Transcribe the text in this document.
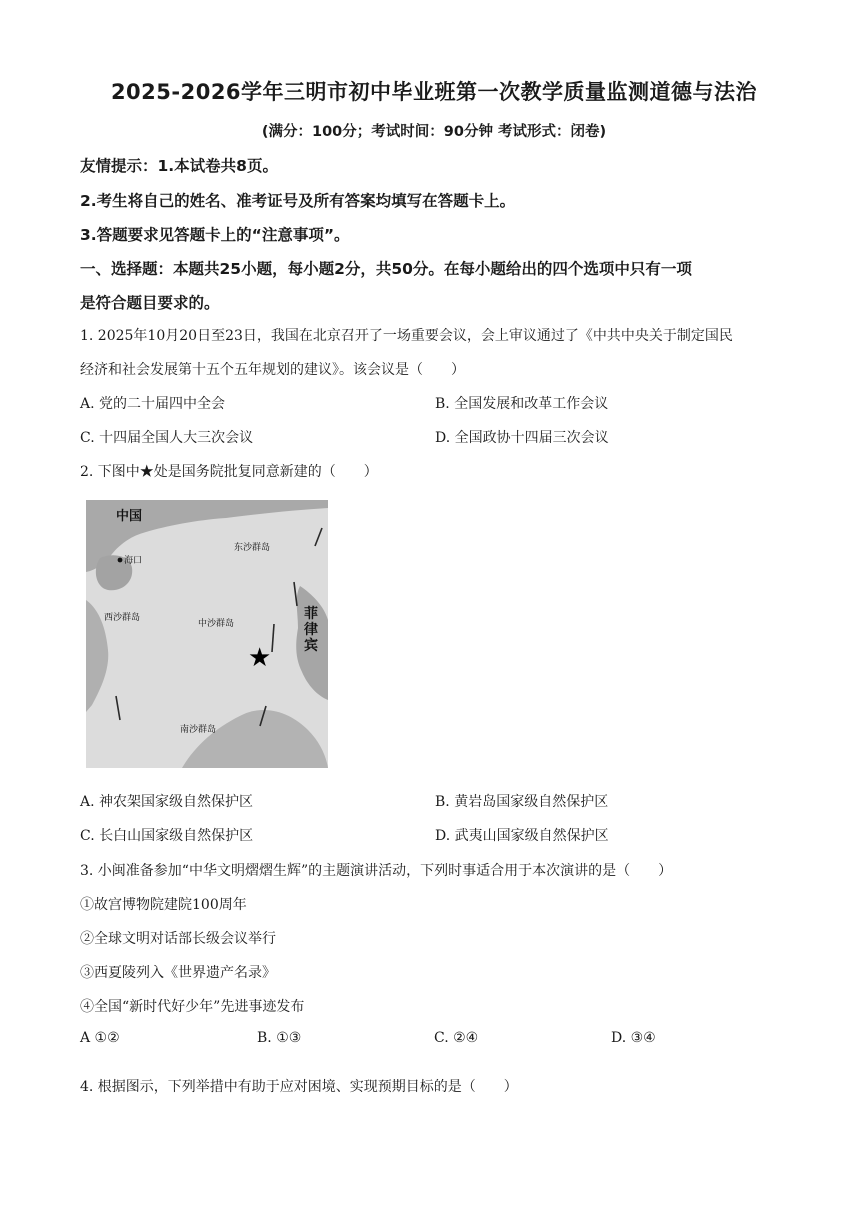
2025-2026学年三明市初中毕业班第一次教学质量监测道德与法治
(满分：100分；考试时间：90分钟 考试形式：闭卷)
友情提示：1.本试卷共8页。
2.考生将自己的姓名、准考证号及所有答案均填写在答题卡上。
3.答题要求见答题卡上的“注意事项”。
一、选择题：本题共25小题，每小题2分，共50分。在每小题给出的四个选项中只有一项
是符合题目要求的。
1. 2025年10月20日至23日，我国在北京召开了一场重要会议，会上审议通过了《中共中央关于制定国民
经济和社会发展第十五个五年规划的建议》。该会议是（　　）
A. 党的二十届四中全会	B. 全国发展和改革工作会议
C. 十四届全国人大三次会议	D. 全国政协十四届三次会议
2. 下图中★处是国务院批复同意新建的（　　）
中国
海口
东沙群岛
西沙群岛
中沙群岛
菲
律
宾
南沙群岛
★
A. 神农架国家级自然保护区	B. 黄岩岛国家级自然保护区
C. 长白山国家级自然保护区	D. 武夷山国家级自然保护区
3. 小闽准备参加“中华文明熠熠生辉”的主题演讲活动，下列时事适合用于本次演讲的是（　　）
①故宫博物院建院100周年
②全球文明对话部长级会议举行
③西夏陵列入《世界遗产名录》
④全国“新时代好少年”先进事迹发布
A ①②	B. ①③	C. ②④	D. ③④
4. 根据图示，下列举措中有助于应对困境、实现预期目标的是（　　）
